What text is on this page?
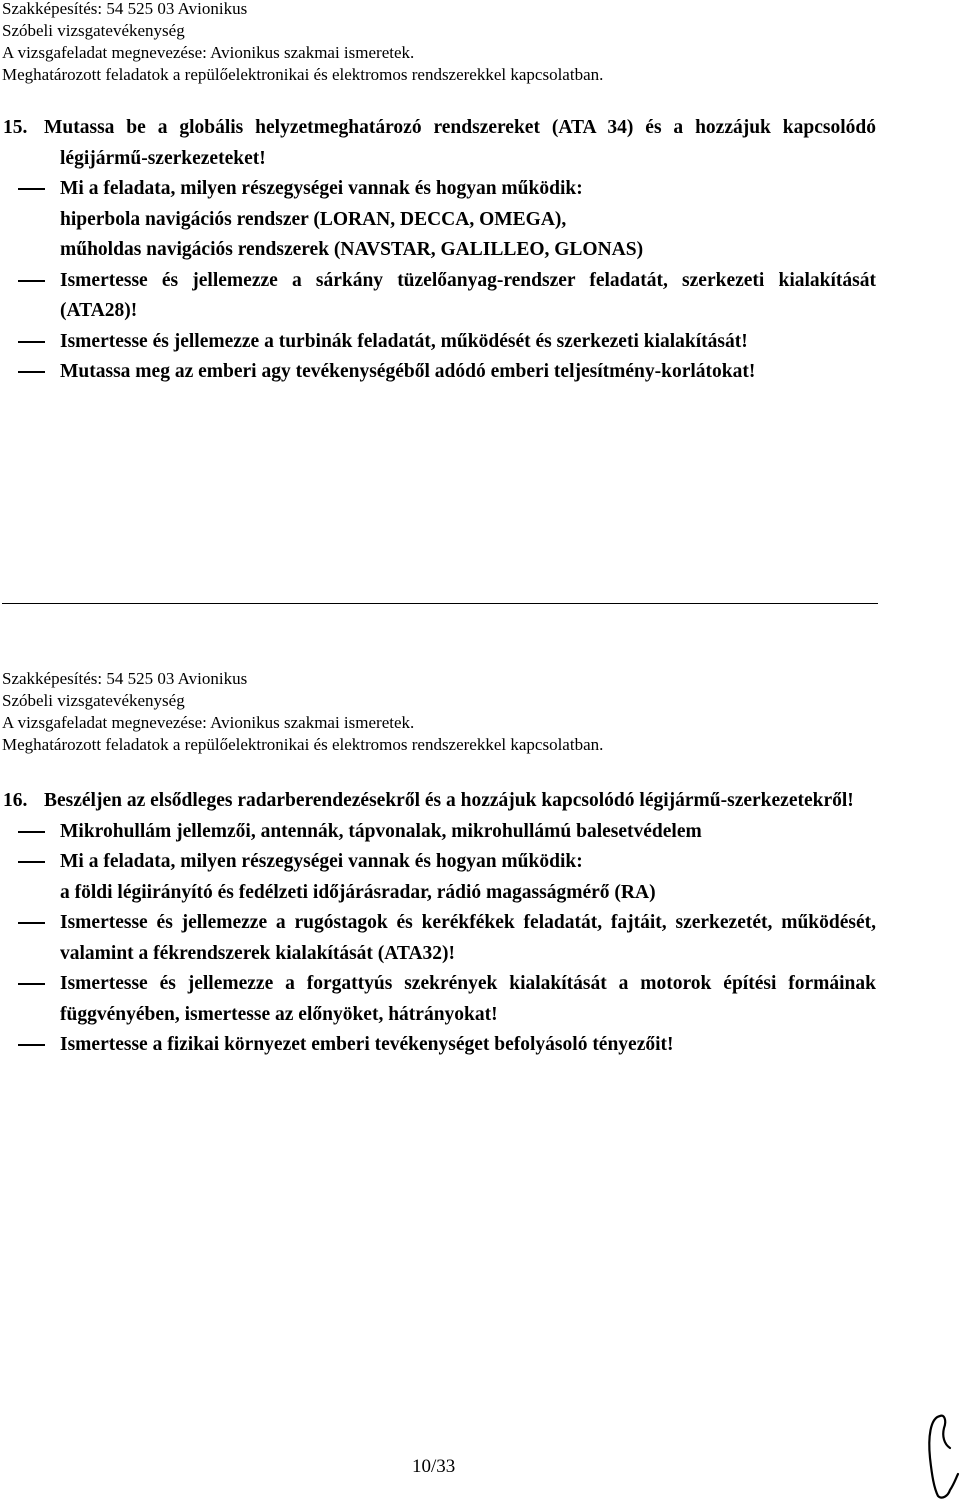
Szakképesítés: 54 525 03 Avionikus
Szóbeli vizsgatevékenység
A vizsgafeladat megnevezése: Avionikus szakmai ismeretek.
Meghatározott feladatok a repülőelektronikai és elektromos rendszerekkel kapcsolatban.

15. Mutassa be a globális helyzetmeghatározó rendszereket (ATA 34) és a hozzájuk kapcsolódó légijármű-szerkezeteket!

Mi a feladata, milyen részegységei vannak és hogyan működik:

hiperbola navigációs rendszer (LORAN, DECCA, OMEGA),

műholdas navigációs rendszerek (NAVSTAR, GALILLEO, GLONAS)

Ismertesse és jellemezze a sárkány tüzelőanyag-rendszer feladatát, szerkezeti kialakítását (ATA28)!

Ismertesse és jellemezze a turbinák feladatát, működését és szerkezeti kialakítását!

Mutassa meg az emberi agy tevékenységéből adódó emberi teljesítmény-korlátokat!

Szakképesítés: 54 525 03 Avionikus
Szóbeli vizsgatevékenység
A vizsgafeladat megnevezése: Avionikus szakmai ismeretek.
Meghatározott feladatok a repülőelektronikai és elektromos rendszerekkel kapcsolatban.

16. Beszéljen az elsődleges radarberendezésekről és a hozzájuk kapcsolódó légijármű-szerkezetekről!

Mikrohullám jellemzői, antennák, tápvonalak, mikrohullámú balesetvédelem

Mi a feladata, milyen részegységei vannak és hogyan működik:

a földi légiirányító és fedélzeti időjárásradar, rádió magasságmérő (RA)

Ismertesse és jellemezze a rugóstagok és kerékfékek feladatát, fajtáit, szerkezetét, működését, valamint a fékrendszerek kialakítását (ATA32)!

Ismertesse és jellemezze a forgattyús szekrények kialakítását a motorok építési formáinak függvényében, ismertesse az előnyöket, hátrányokat!

Ismertesse a fizikai környezet emberi tevékenységet befolyásoló tényezőit!

10/33
